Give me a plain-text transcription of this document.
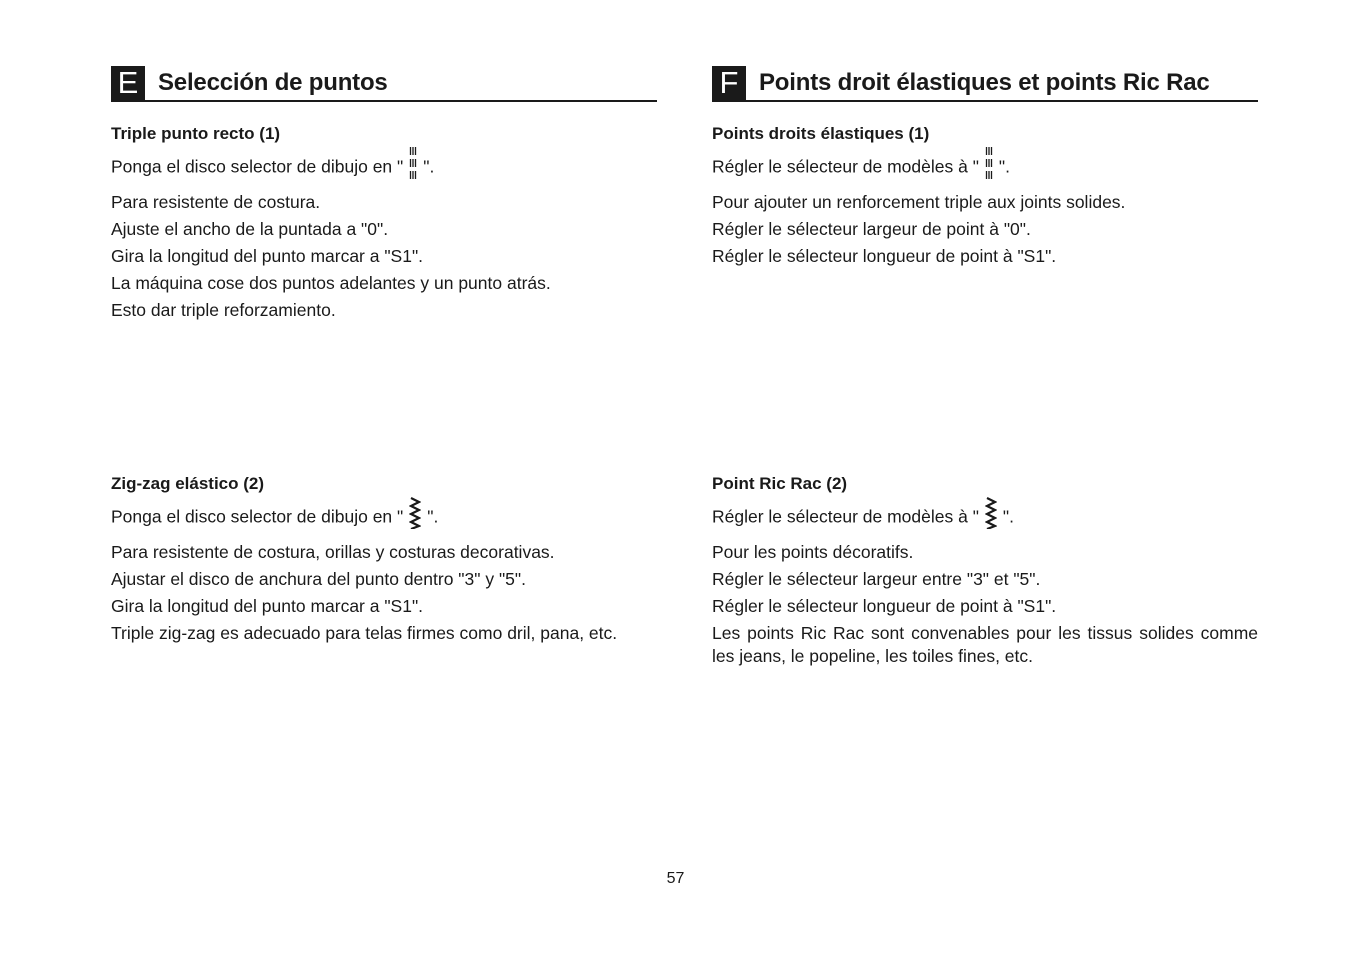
E Selección de puntos
Triple punto recto (1)
Ponga el disco selector de dibujo en " ".
Para resistente de costura.
Ajuste el ancho de la puntada a "0".
Gira la longitud del punto marcar a "S1".
La máquina cose dos puntos adelantes y un punto atrás.
Esto dar triple reforzamiento.
Zig-zag elástico (2)
Ponga el disco selector de dibujo en " ".
Para resistente de costura, orillas y costuras decorativas.
Ajustar el disco de anchura del punto dentro "3" y "5".
Gira la longitud del punto marcar a "S1".
Triple zig-zag es adecuado para telas firmes como dril, pana, etc.
F Points droit élastiques et points Ric Rac
Points droits élastiques (1)
Régler le sélecteur de modèles à " ".
Pour ajouter un renforcement triple aux joints solides.
Régler le sélecteur largeur de point à "0".
Régler le sélecteur longueur de point à "S1".
Point Ric Rac (2)
Régler le sélecteur de modèles à " ".
Pour les points décoratifs.
Régler le sélecteur largeur entre "3" et "5".
Régler le sélecteur longueur de point à "S1".
Les points Ric Rac sont convenables pour les tissus solides comme les jeans, le popeline, les toiles fines, etc.
57
